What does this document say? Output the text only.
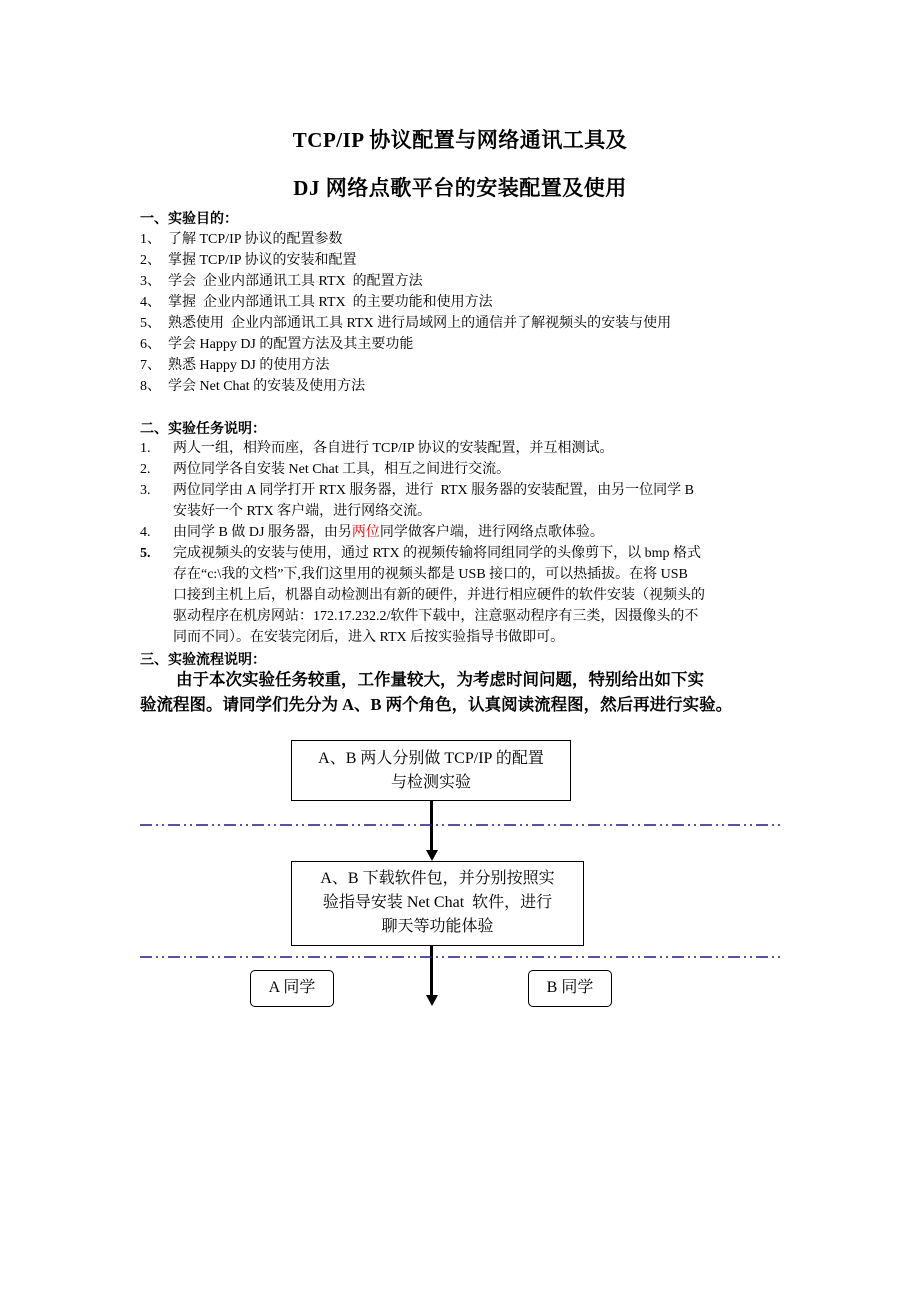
TCP/IP 协议配置与网络通讯工具及
DJ 网络点歌平台的安装配置及使用
一、实验目的：
1、 了解 TCP/IP 协议的配置参数
2、 掌握 TCP/IP 协议的安装和配置
3、 学会  企业内部通讯工具 RTX  的配置方法
4、 掌握  企业内部通讯工具 RTX  的主要功能和使用方法
5、 熟悉使用  企业内部通讯工具 RTX 进行局域网上的通信并了解视频头的安装与使用
6、 学会 Happy DJ 的配置方法及其主要功能
7、 熟悉 Happy DJ 的使用方法
8、 学会 Net Chat 的安装及使用方法
二、实验任务说明：
1. 两人一组，相羚而座，各自进行 TCP/IP 协议的安装配置，并互相测试。
2. 两位同学各自安装 Net Chat 工具，相互之间进行交流。
3. 两位同学由 A 同学打开 RTX 服务器，进行  RTX 服务器的安装配置，由另一位同学 B
安装好一个 RTX 客户端，进行网络交流。
4. 由同学 B 做 DJ 服务器，由另两位同学做客户端，进行网络点歌体验。
5. 完成视频头的安装与使用，通过 RTX 的视频传输将同组同学的头像剪下，以 bmp 格式
存在“c:\我的文档”下,我们这里用的视频头都是 USB 接口的，可以热插拔。在将 USB
口接到主机上后，机器自动检测出有新的硬件，并进行相应硬件的软件安装（视频头的
驱动程序在机房网站：172.17.232.2/软件下载中，注意驱动程序有三类，因摄像头的不
同而不同）。在安装完闭后，进入 RTX 后按实验指导书做即可。
三、实验流程说明：
由于本次实验任务较重，工作量较大，为考虑时间问题，特别给出如下实
验流程图。请同学们先分为 A、B 两个角色，认真阅读流程图，然后再进行实验。
A、B 两人分别做 TCP/IP 的配置
与检测实验
A、B 下载软件包，并分别按照实
验指导安装 Net Chat  软件，进行
聊天等功能体验
A 同学	B 同学
